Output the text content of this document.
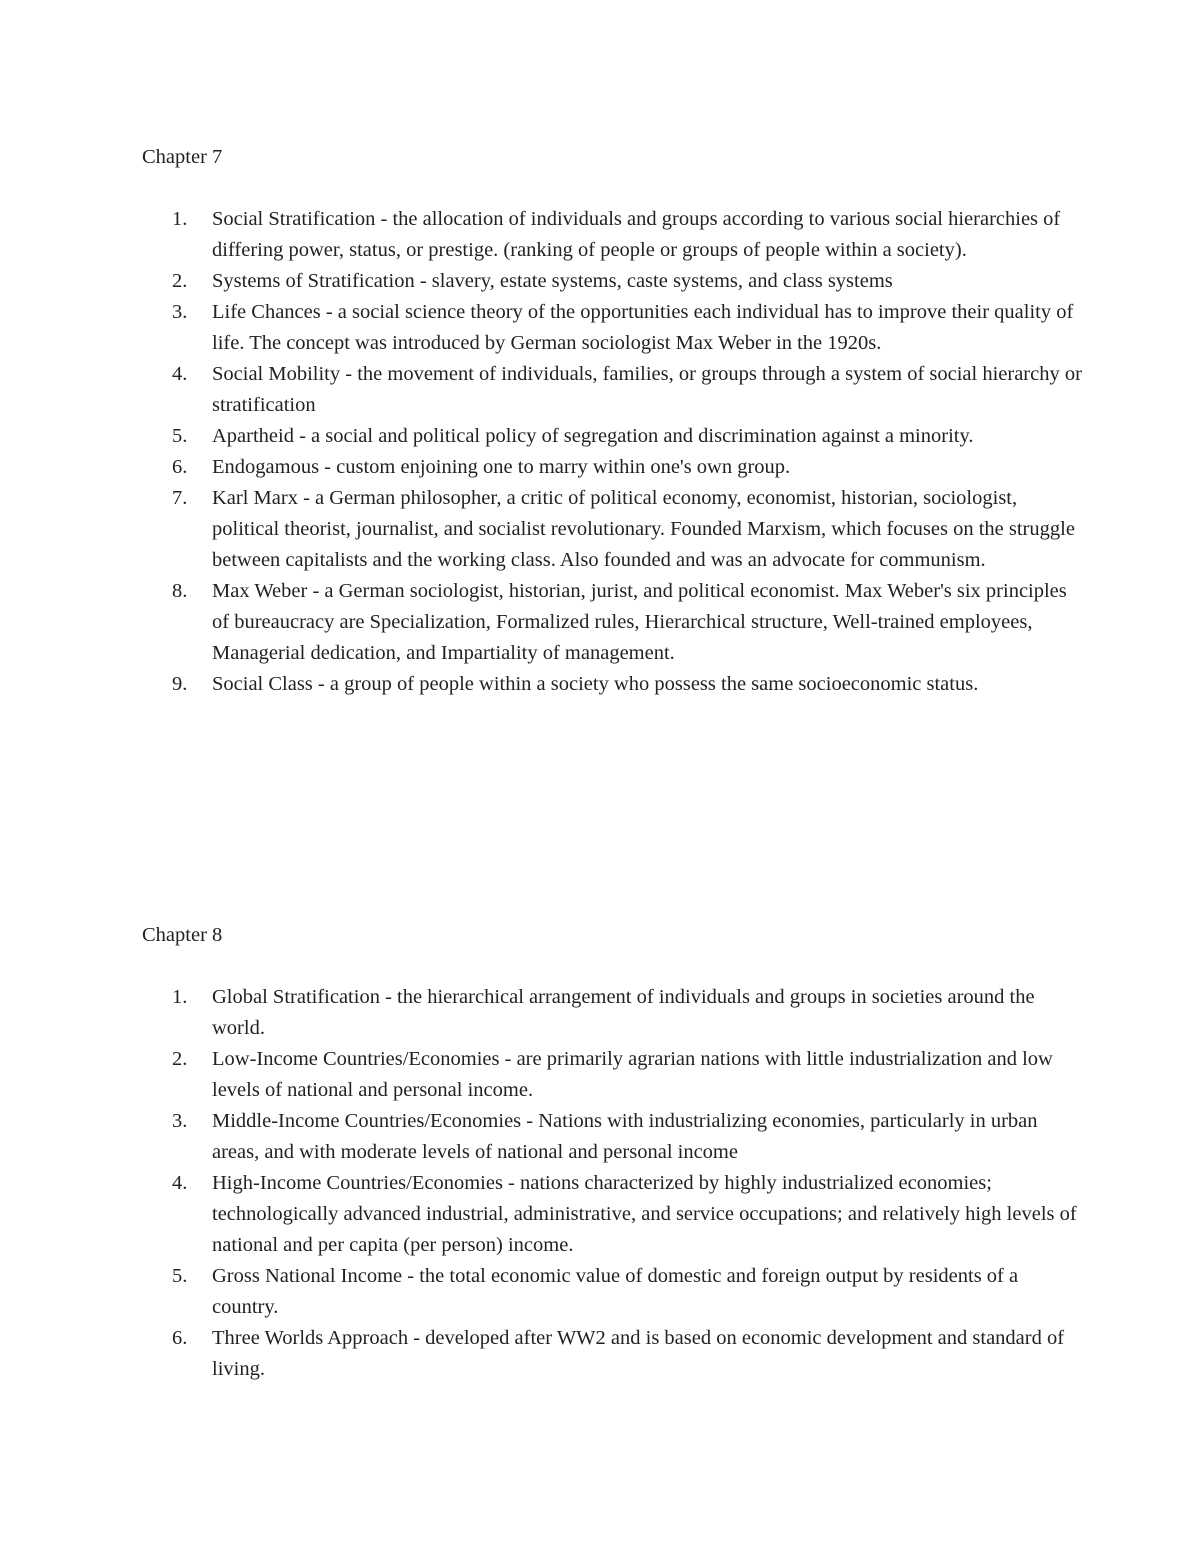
Chapter 7

1.	Social Stratification - the allocation of individuals and groups according to various social hierarchies of differing power, status, or prestige. (ranking of people or groups of people within a society).
2.	Systems of Stratification - slavery, estate systems, caste systems, and class systems
3.	Life Chances - a social science theory of the opportunities each individual has to improve their quality of life. The concept was introduced by German sociologist Max Weber in the 1920s.
4.	Social Mobility - the movement of individuals, families, or groups through a system of social hierarchy or stratification
5.	Apartheid - a social and political policy of segregation and discrimination against a minority.
6.	Endogamous - custom enjoining one to marry within one's own group.
7.	Karl Marx - a German philosopher, a critic of political economy, economist, historian, sociologist, political theorist, journalist, and socialist revolutionary. Founded Marxism, which focuses on the struggle between capitalists and the working class. Also founded and was an advocate for communism.
8.	Max Weber - a German sociologist, historian, jurist, and political economist. Max Weber's six principles of bureaucracy are Specialization, Formalized rules, Hierarchical structure, Well-trained employees, Managerial dedication, and Impartiality of management.
9.	Social Class - a group of people within a society who possess the same socioeconomic status.

Chapter 8

1.	Global Stratification - the hierarchical arrangement of individuals and groups in societies around the world.
2.	Low-Income Countries/Economies - are primarily agrarian nations with little industrialization and low levels of national and personal income.
3.	Middle-Income Countries/Economies - Nations with industrializing economies, particularly in urban areas, and with moderate levels of national and personal income
4.	High-Income Countries/Economies - nations characterized by highly industrialized economies; technologically advanced industrial, administrative, and service occupations; and relatively high levels of national and per capita (per person) income.
5.	Gross National Income - the total economic value of domestic and foreign output by residents of a country.
6.	Three Worlds Approach - developed after WW2 and is based on economic development and standard of living.
